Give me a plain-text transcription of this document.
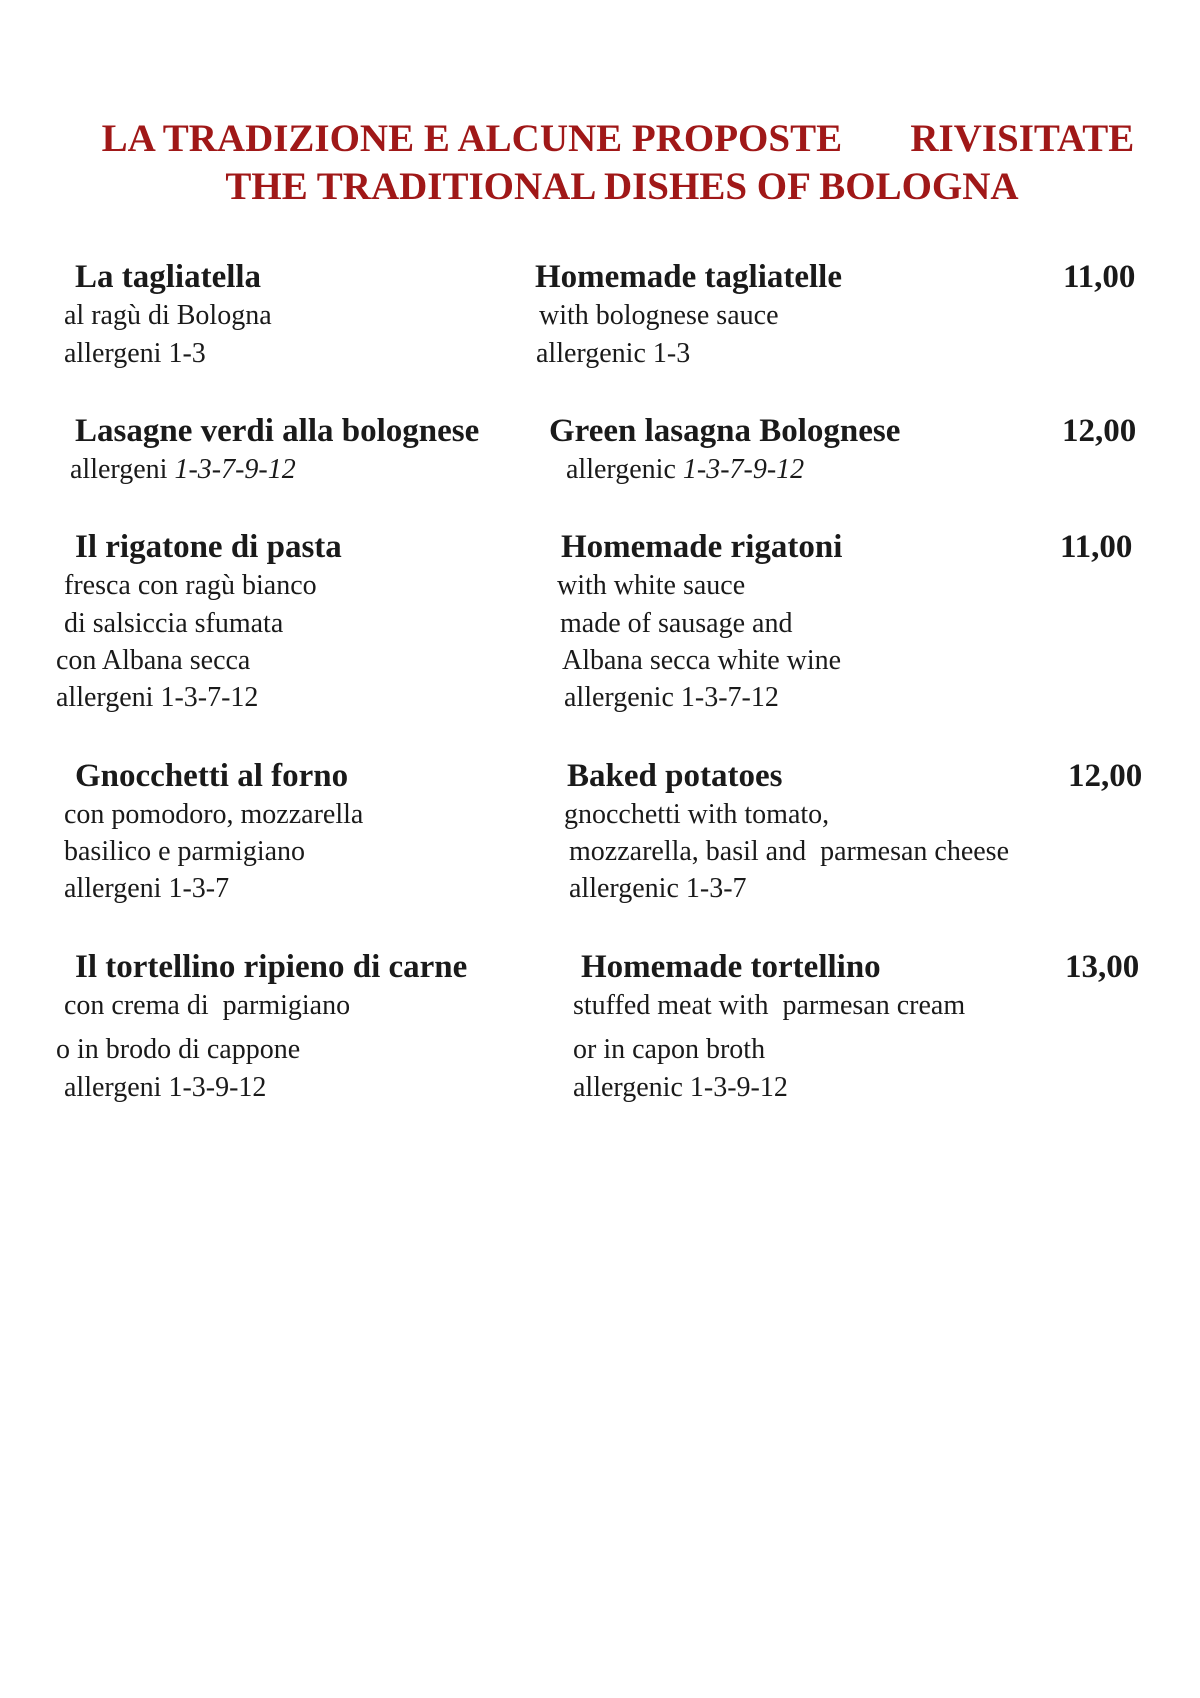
LA TRADIZIONE E ALCUNE PROPOSTE       RIVISITATE
THE TRADITIONAL DISHES OF BOLOGNA
La tagliatella
al ragù di Bologna
allergeni 1-3
Homemade tagliatelle
with bolognese sauce
allergenic 1-3
11,00
Lasagne verdi alla bolognese
allergeni 1-3-7-9-12
Green lasagna Bolognese
allergenic 1-3-7-9-12
12,00
Il rigatone di pasta
fresca con ragù bianco
di salsiccia sfumata
con Albana secca
allergeni 1-3-7-12
Homemade rigatoni
with white sauce
made of sausage and
Albana secca white wine
allergenic 1-3-7-12
11,00
Gnocchetti al forno
con pomodoro, mozzarella
basilico e parmigiano
allergeni 1-3-7
Baked potatoes
gnocchetti with tomato,
mozzarella, basil and  parmesan cheese
allergenic 1-3-7
12,00
Il tortellino ripieno di carne
con crema di  parmigiano
o in brodo di cappone
allergeni 1-3-9-12
Homemade tortellino
stuffed meat with  parmesan cream
or in capon broth
allergenic 1-3-9-12
13,00
